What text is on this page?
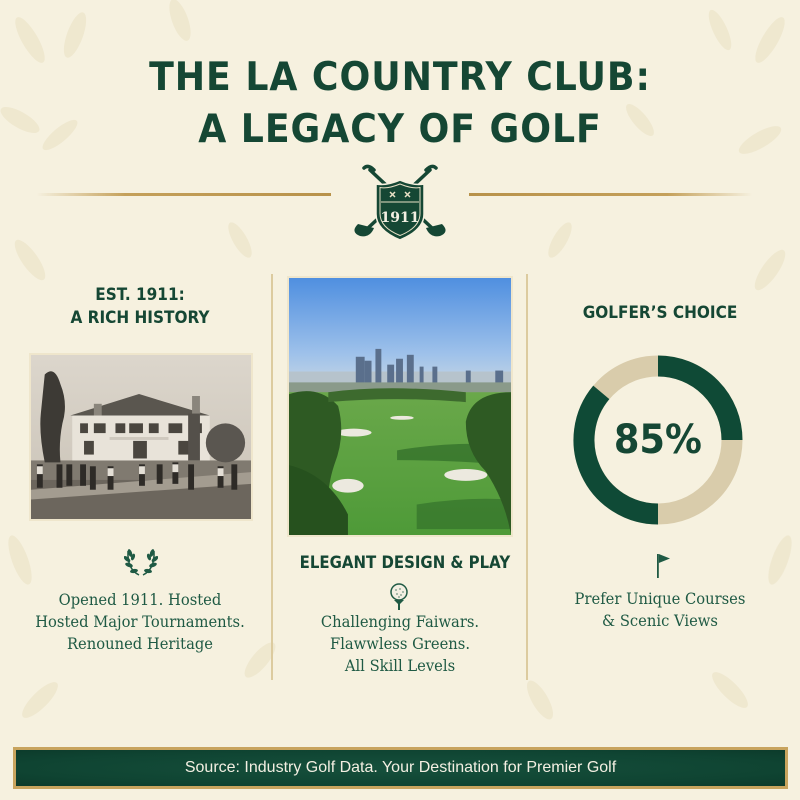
THE LA COUNTRY CLUB:
A LEGACY OF GOLF
1911
EST. 1911:
A RICH HISTORY
Opened 1911. Hosted
Hosted Major Tournaments.
Renouned Heritage
ELEGANT DESIGN & PLAY
Challenging Faiwars.
Flawwless Greens.
All Skill Levels
GOLFER’S CHOICE
85%
Prefer Unique Courses
& Scenic Views
Source: Industry Golf Data. Your Destination for Premier Golf
